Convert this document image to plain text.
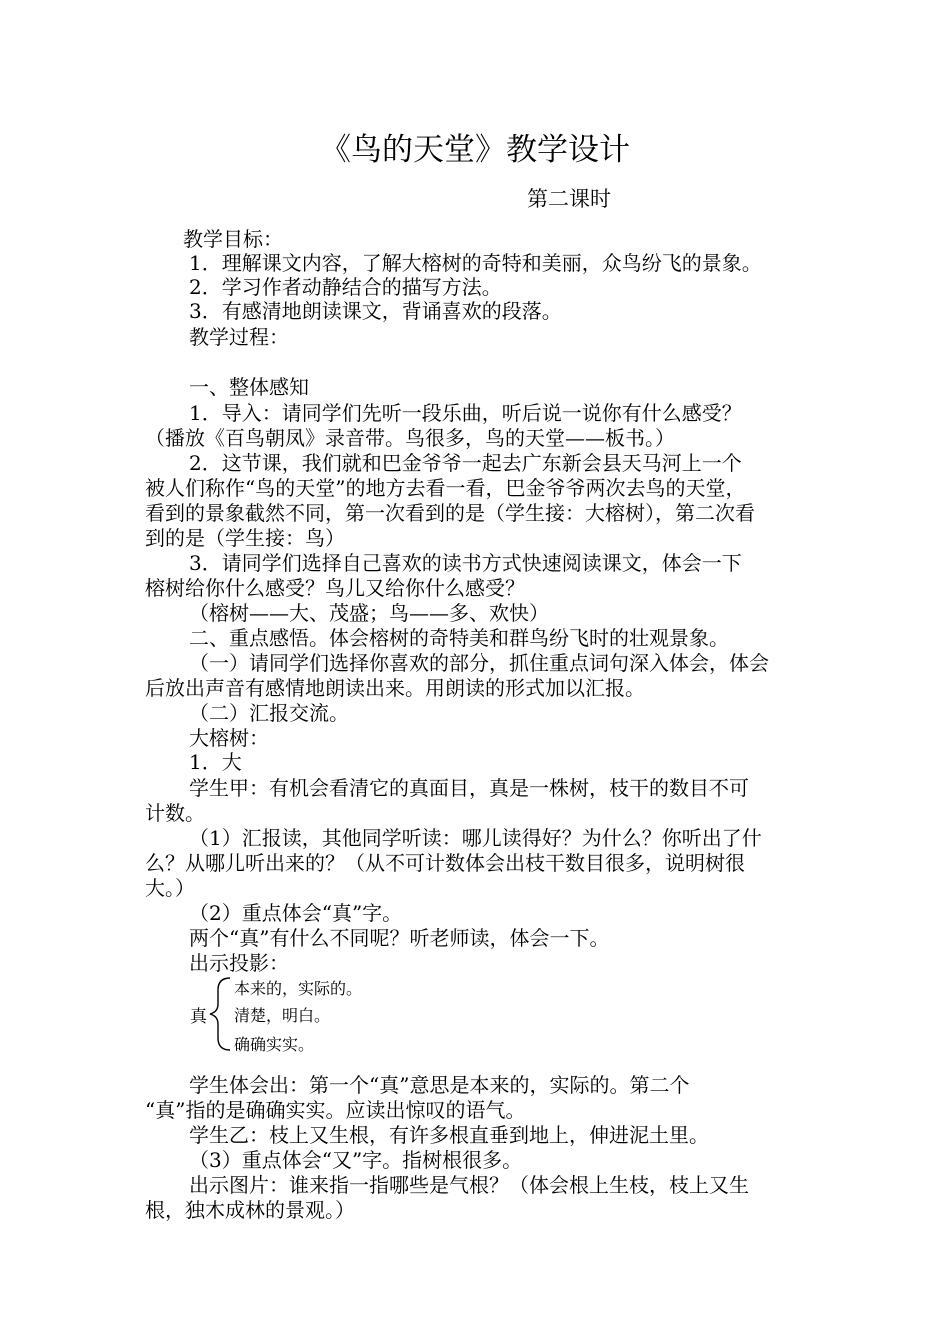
《鸟的天堂》教学设计
第二课时
教学目标：
1．理解课文内容，了解大榕树的奇特和美丽，众鸟纷飞的景象。
2．学习作者动静结合的描写方法。
3．有感清地朗读课文，背诵喜欢的段落。
教学过程：
一、整体感知
1．导入：请同学们先听一段乐曲，听后说一说你有什么感受？
（播放《百鸟朝凤》录音带。鸟很多，鸟的天堂——板书。）
2．这节课，我们就和巴金爷爷一起去广东新会县天马河上一个
被人们称作“鸟的天堂”的地方去看一看，巴金爷爷两次去鸟的天堂，
看到的景象截然不同，第一次看到的是（学生接：大榕树），第二次看
到的是（学生接：鸟）
3．请同学们选择自己喜欢的读书方式快速阅读课文，体会一下
榕树给你什么感受？鸟儿又给你什么感受？
（榕树——大、茂盛；鸟——多、欢快）
二、重点感悟。体会榕树的奇特美和群鸟纷飞时的壮观景象。
（一）请同学们选择你喜欢的部分，抓住重点词句深入体会，体会
后放出声音有感情地朗读出来。用朗读的形式加以汇报。
（二）汇报交流。
大榕树：
1．大
学生甲：有机会看清它的真面目，真是一株树，枝干的数目不可
计数。
（1）汇报读，其他同学听读：哪儿读得好？为什么？你听出了什
么？从哪儿听出来的？（从不可计数体会出枝干数目很多，说明树很
大。）
（2）重点体会“真”字。
两个“真”有什么不同呢？听老师读，体会一下。
出示投影：
真
本来的，实际的。
清楚，明白。
确确实实。
学生体会出：第一个“真”意思是本来的，实际的。第二个
“真”指的是确确实实。应读出惊叹的语气。
学生乙：枝上又生根，有许多根直垂到地上，伸进泥土里。
（3）重点体会“又”字。指树根很多。
出示图片：谁来指一指哪些是气根？（体会根上生枝，枝上又生
根，独木成林的景观。）
